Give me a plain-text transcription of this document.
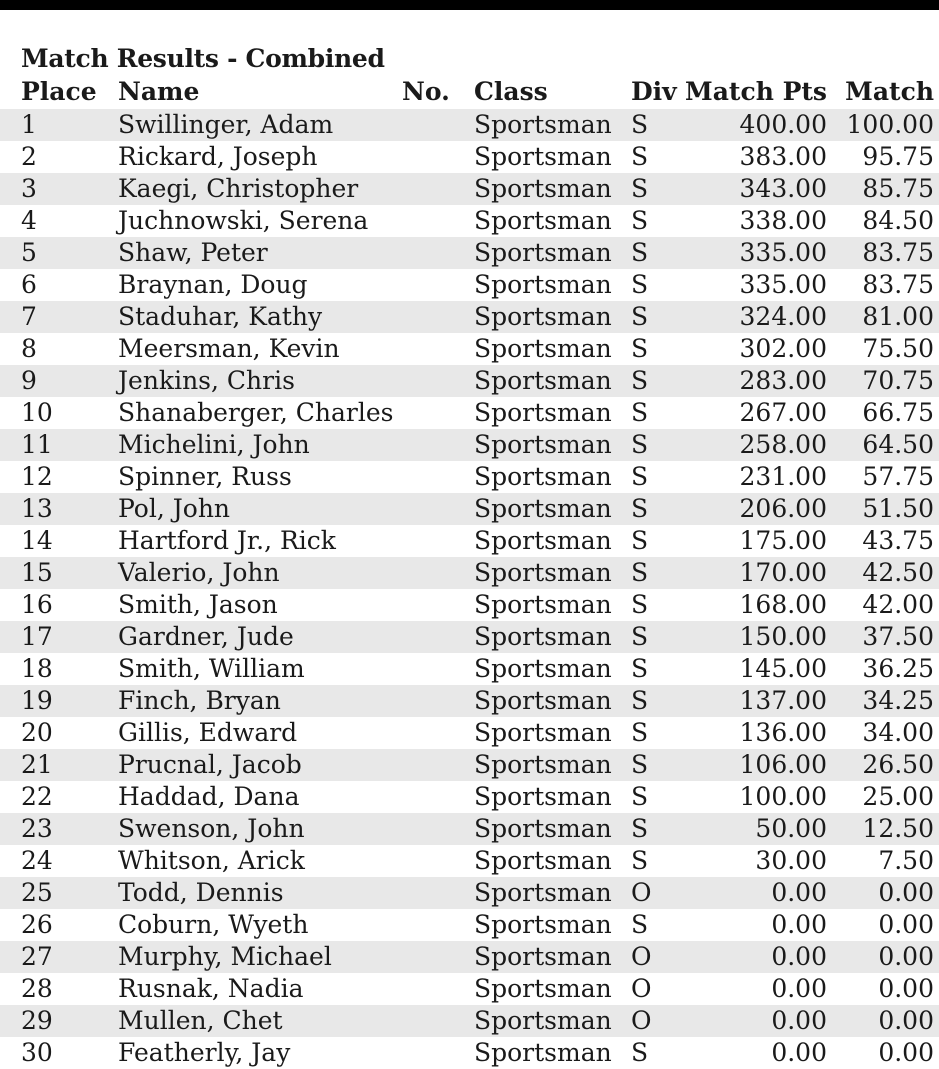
Match Results - Combined
Place Name	No. Class	Div Match Pts Match
1	Swillinger, Adam	Sportsman S	400.00 100.00
2	Rickard, Joseph	Sportsman S	383.00 95.75
3	Kaegi, Christopher	Sportsman S	343.00 85.75
4	Juchnowski, Serena	Sportsman S	338.00 84.50
5	Shaw, Peter	Sportsman S	335.00 83.75
6	Braynan, Doug	Sportsman S	335.00 83.75
7	Staduhar, Kathy	Sportsman S	324.00 81.00
8	Meersman, Kevin	Sportsman S	302.00 75.50
9	Jenkins, Chris	Sportsman S	283.00 70.75
10	Shanaberger, Charles	Sportsman S	267.00 66.75
11	Michelini, John	Sportsman S	258.00 64.50
12	Spinner, Russ	Sportsman S	231.00 57.75
13	Pol, John	Sportsman S	206.00 51.50
14	Hartford Jr., Rick	Sportsman S	175.00 43.75
15	Valerio, John	Sportsman S	170.00 42.50
16	Smith, Jason	Sportsman S	168.00 42.00
17	Gardner, Jude	Sportsman S	150.00 37.50
18	Smith, William	Sportsman S	145.00 36.25
19	Finch, Bryan	Sportsman S	137.00 34.25
20	Gillis, Edward	Sportsman S	136.00 34.00
21	Prucnal, Jacob	Sportsman S	106.00 26.50
22	Haddad, Dana	Sportsman S	100.00 25.00
23	Swenson, John	Sportsman S	50.00 12.50
24	Whitson, Arick	Sportsman S	30.00 7.50
25	Todd, Dennis	Sportsman O	0.00 0.00
26	Coburn, Wyeth	Sportsman S	0.00 0.00
27	Murphy, Michael	Sportsman O	0.00 0.00
28	Rusnak, Nadia	Sportsman O	0.00 0.00
29	Mullen, Chet	Sportsman O	0.00 0.00
30	Featherly, Jay	Sportsman S	0.00 0.00
